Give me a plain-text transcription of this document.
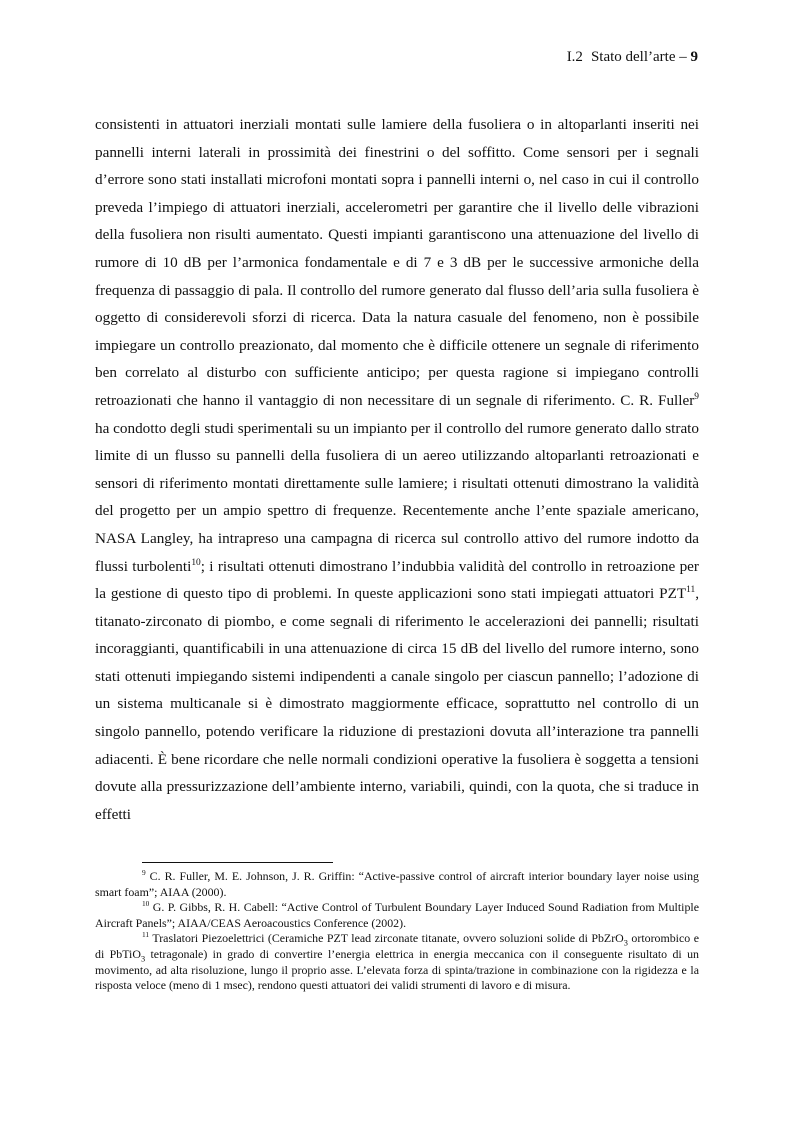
I.2 Stato dell’arte – 9

consistenti in attuatori inerziali montati sulle lamiere della fusoliera o in altoparlanti inseriti nei pannelli interni laterali in prossimità dei finestrini o del soffitto. Come sensori per i segnali d’errore sono stati installati microfoni montati sopra i pannelli interni o, nel caso in cui il controllo preveda l’impiego di attuatori inerziali, accelerometri per garantire che il livello delle vibrazioni della fusoliera non risulti aumentato. Questi impianti garantiscono una attenuazione del livello di rumore di 10 dB per l’armonica fondamentale e di 7 e 3 dB per le successive armoniche della frequenza di passaggio di pala. Il controllo del rumore generato dal flusso dell’aria sulla fusoliera è oggetto di considerevoli sforzi di ricerca. Data la natura casuale del fenomeno, non è possibile impiegare un controllo preazionato, dal momento che è difficile ottenere un segnale di riferimento ben correlato al disturbo con sufficiente anticipo; per questa ragione si impiegano controlli retroazionati che hanno il vantaggio di non necessitare di un segnale di riferimento. C. R. Fuller$^9$ ha condotto degli studi sperimentali su un impianto per il controllo del rumore generato dallo strato limite di un flusso su pannelli della fusoliera di un aereo utilizzando altoparlanti retroazionati e sensori di riferimento montati direttamente sulle lamiere; i risultati ottenuti dimostrano la validità del progetto per un ampio spettro di frequenze. Recentemente anche l’ente spaziale americano, NASA Langley, ha intrapreso una campagna di ricerca sul controllo attivo del rumore indotto da flussi turbolenti$^{10}$; i risultati ottenuti dimostrano l’indubbia validità del controllo in retroazione per la gestione di questo tipo di problemi. In queste applicazioni sono stati impiegati attuatori PZT$^{11}$, titanato-zirconato di piombo, e come segnali di riferimento le accelerazioni dei pannelli; risultati incoraggianti, quantificabili in una attenuazione di circa 15 dB del livello del rumore interno, sono stati ottenuti impiegando sistemi indipendenti a canale singolo per ciascun pannello; l’adozione di un sistema multicanale si è dimostrato maggiormente efficace, soprattutto nel controllo di un singolo pannello, potendo verificare la riduzione di prestazioni dovuta all’interazione tra pannelli adiacenti. È bene ricordare che nelle normali condizioni operative la fusoliera è soggetta a tensioni dovute alla pressurizzazione dell’ambiente interno, variabili, quindi, con la quota, che si traduce in effetti

$^9$ C. R. Fuller, M. E. Johnson, J. R. Griffin: “Active-passive control of aircraft interior boundary layer noise using smart foam”; AIAA (2000).

$^{10}$ G. P. Gibbs, R. H. Cabell: “Active Control of Turbulent Boundary Layer Induced Sound Radiation from Multiple Aircraft Panels”; AIAA/CEAS Aeroacoustics Conference (2002).

$^{11}$ Traslatori Piezoelettrici (Ceramiche PZT lead zirconate titanate, ovvero soluzioni solide di PbZrO$_3$ ortorombico e di PbTiO$_3$ tetragonale) in grado di convertire l’energia elettrica in energia meccanica con il conseguente risultato di un movimento, ad alta risoluzione, lungo il proprio asse. L’elevata forza di spinta/trazione in combinazione con la rigidezza e la risposta veloce (meno di 1 msec), rendono questi attuatori dei validi strumenti di lavoro e di misura.
